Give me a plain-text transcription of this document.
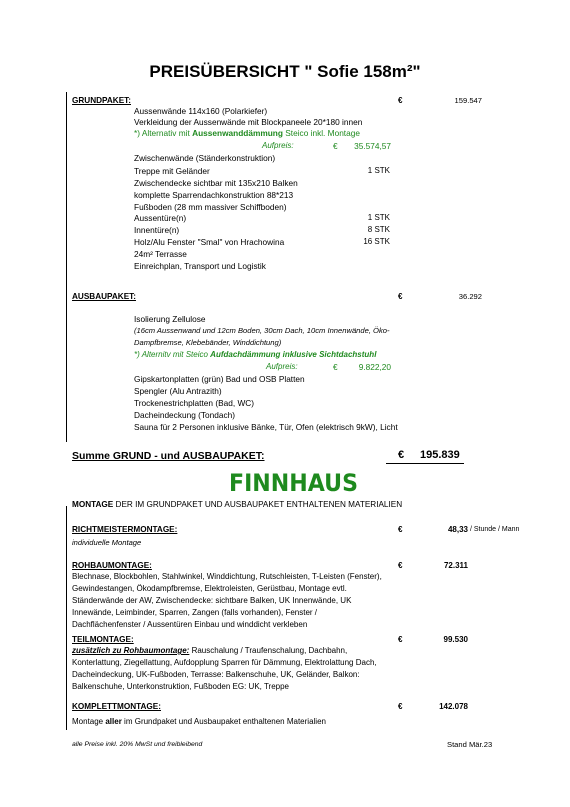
PREISÜBERSICHT " Sofie 158m²"
GRUNDPAKET:	€	159.547
Aussenwände 114x160 (Polarkiefer)
Verkleidung der Aussenwände mit Blockpaneele 20*180 innen
*) Alternativ mit Aussenwanddämmung Steico inkl. Montage
Aufpreis:	€	35.574,57
Zwischenwände (Ständerkonstruktion)
Treppe mit Geländer	1 STK
Zwischendecke sichtbar mit 135x210 Balken
komplette Sparrendachkonstruktion 88*213
Fußboden (28 mm massiver Schiffboden)
Aussentüre(n)	1 STK
Innentüre(n)	8 STK
Holz/Alu Fenster "Smal" von Hrachowina	16 STK
24m² Terrasse
Einreichplan, Transport und Logistik
AUSBAUPAKET:	€	36.292
Isolierung Zellulose
(16cm Aussenwand und 12cm Boden, 30cm Dach, 10cm Innenwände, Öko-
Dampfbremse, Klebebänder, Winddichtung)
*) Alternitv mit Steico Aufdachdämmung inklusive Sichtdachstuhl
Aufpreis:	€	9.822,20
Gipskartonplatten (grün) Bad und OSB Platten
Spengler (Alu Antrazith)
Trockenestrichplatten (Bad, WC)
Dacheindeckung (Tondach)
Sauna für 2 Personen inklusive Bänke, Tür, Ofen (elektrisch 9kW), Licht
Summe GRUND - und AUSBAUPAKET:	€ 195.839
FINNHAUS
MONTAGE DER IM GRUNDPAKET UND AUSBAUPAKET ENTHALTENEN MATERIALIEN
RICHTMEISTERMONTAGE:	€	48,33 / Stunde / Mann
individuelle Montage
ROHBAUMONTAGE:	€	72.311
Blechnase, Blockbohlen, Stahlwinkel, Winddichtung, Rutschleisten, T-Leisten (Fenster), Gewindestangen, Ökodampfbremse, Elektroleisten, Gerüstbau, Montage evtl. Ständerwände der AW, Zwischendecke: sichtbare Balken, UK Innenwände, UK Innewände, Leimbinder, Sparren, Zangen (falls vorhanden), Fenster / Dachflächenfenster / Aussentüren Einbau und winddicht verkleben
TEILMONTAGE:	€	99.530
zusätzlich zu Rohbaumontage: Rauschalung / Traufenschalung, Dachbahn, Konterlattung, Ziegellattung, Aufdopplung Sparren für Dämmung, Elektrolattung Dach, Dacheindeckung, UK-Fußboden, Terrasse: Balkenschuhe, UK, Geländer, Balkon: Balkenschuhe, Unterkonstruktion, Fußboden EG: UK, Treppe
KOMPLETTMONTAGE:	€	142.078
Montage aller im Grundpaket und Ausbaupaket enthaltenen Materialien
alle Preise inkl. 20% MwSt und freibleibend	Stand Mär.23
